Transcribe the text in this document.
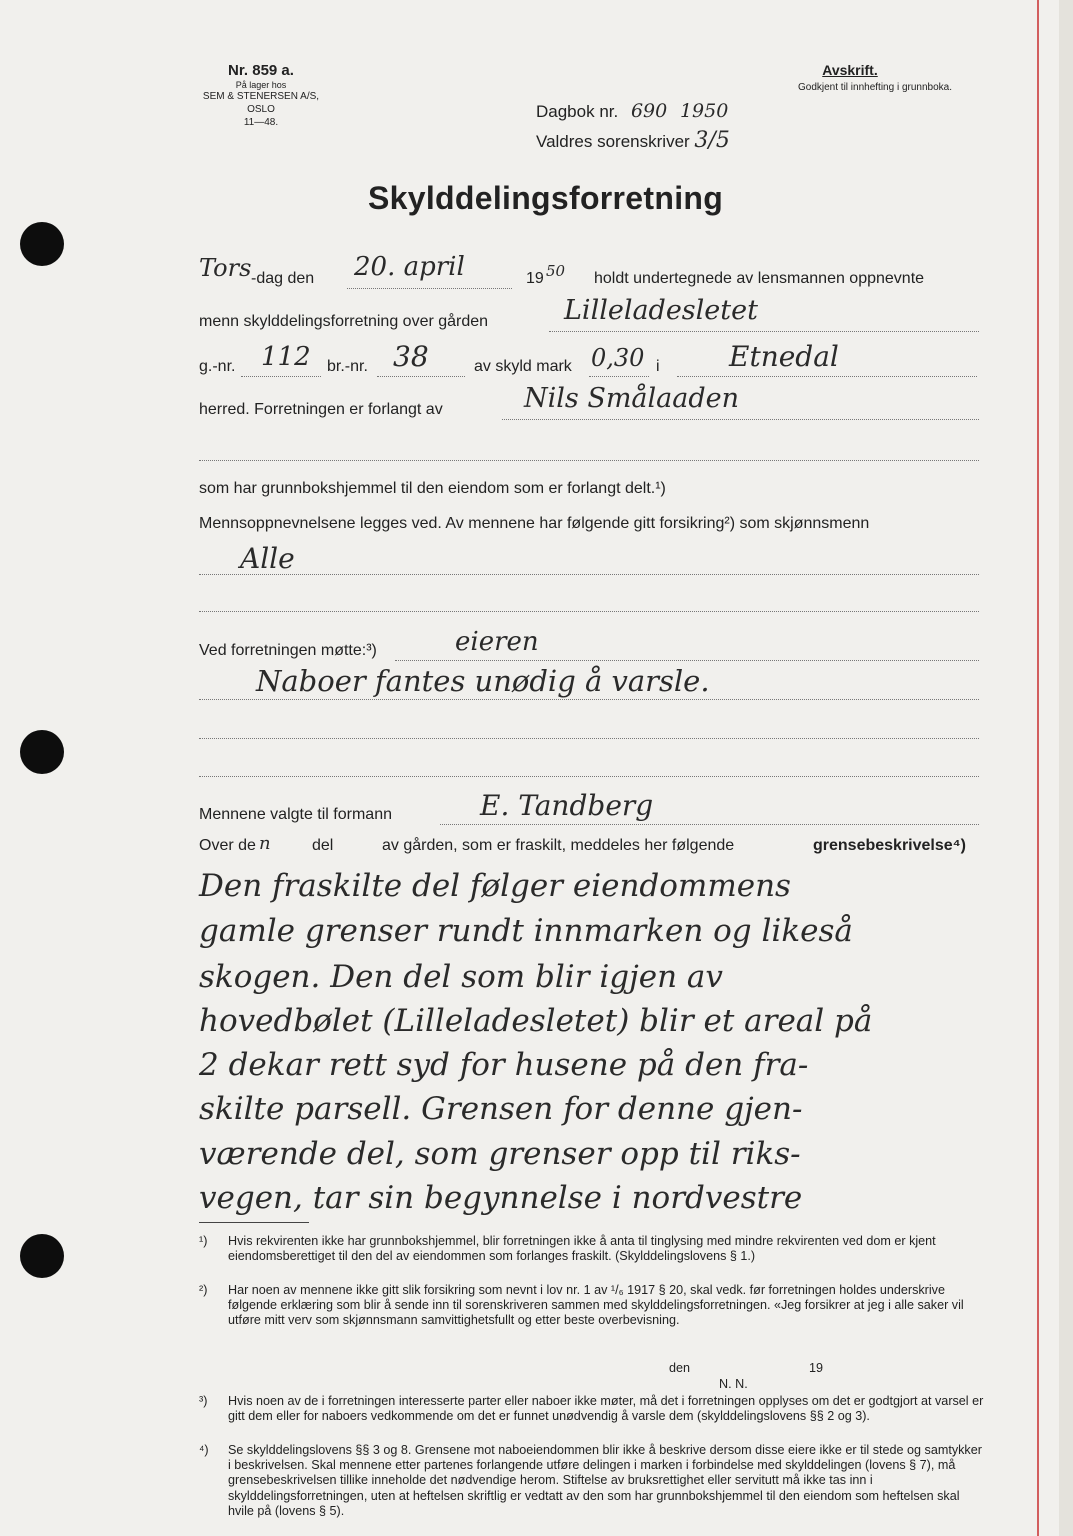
Nr. 859 a.
På lager hos
SEM & STENERSEN A/S, OSLO
11—48.
Avskrift.
Godkjent til innhefting i grunnboka.
Dagbok nr. 690 1950
Valdres sorenskriver 3/5
Skylddelingsforretning
Tors -dag den 20. april	19 50 holdt undertegnede av lensmannen oppnevnte
menn skylddelingsforretning over gården	Lilleladesletet
g.-nr. 112 br.-nr. 38	av skyld mark 0,30 i Etnedal
herred. Forretningen er forlangt av	Nils Smålaaden
som har grunnbokshjemmel til den eiendom som er forlangt delt.¹)
Mennsoppnevnelsene legges ved. Av mennene har følgende gitt forsikring²) som skjønnsmenn
Alle
Ved forretningen møtte:³)	eieren
Naboer fantes unødig å varsle.
Mennene valgte til formann	E. Tandberg
Over de n	del	av gården, som er fraskilt, meddeles her følgende	grensebeskrivelse⁴)
Den fraskilte del følger eiendommens
gamle grenser rundt innmarken og likeså
skogen. Den del som blir igjen av
hovedbølet (Lilleladesletet) blir et areal på
2 dekar rett syd for husene på den fra-
skilte parsell. Grensen for denne gjen-
værende del, som grenser opp til riks-
vegen, tar sin begynnelse i nordvestre
¹) Hvis rekvirenten ikke har grunnbokshjemmel, blir forretningen ikke å anta til tinglysing med mindre rekvirenten ved dom er kjent eiendomsberettiget til den del av eiendommen som forlanges fraskilt. (Skylddelingslovens § 1.)
²) Har noen av mennene ikke gitt slik forsikring som nevnt i lov nr. 1 av ¹/₆ 1917 § 20, skal vedk. før forretningen holdes underskrive følgende erklæring som blir å sende inn til sorenskriveren sammen med skylddelingsforretningen. «Jeg forsikrer at jeg i alle saker vil utføre mitt verv som skjønnsmann samvittighetsfullt og etter beste overbevisning.
den	19
N. N.
³) Hvis noen av de i forretningen interesserte parter eller naboer ikke møter, må det i forretningen opplyses om det er godtgjort at varsel er gitt dem eller for naboers vedkommende om det er funnet unødvendig å varsle dem (skylddelingslovens §§ 2 og 3).
⁴) Se skylddelingslovens §§ 3 og 8. Grensene mot naboeiendommen blir ikke å beskrive dersom disse eiere ikke er til stede og samtykker i beskrivelsen. Skal mennene etter partenes forlangende utføre delingen i marken i forbindelse med skylddelingen (lovens § 7), må grensebeskrivelsen tillike inneholde det nødvendige herom. Stiftelse av bruksrettighet eller servitutt må ikke tas inn i skylddelingsforretningen, uten at heftelsen skriftlig er vedtatt av den som har grunnbokshjemmel til den eiendom som heftelsen skal hvile på (lovens § 5).
